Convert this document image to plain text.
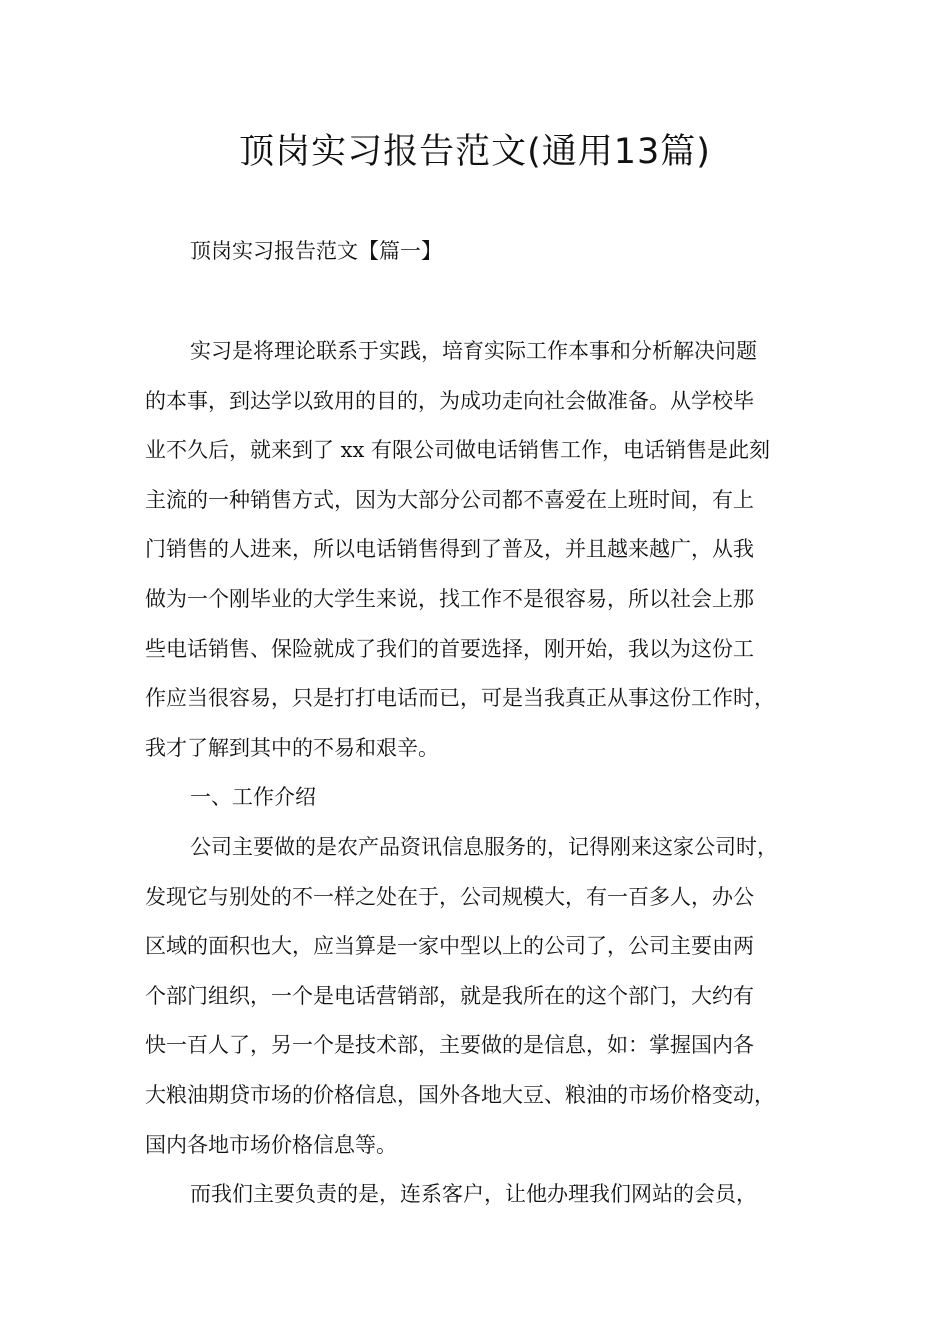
顶岗实习报告范文(通用13篇)
顶岗实习报告范文【篇一】
实习是将理论联系于实践，培育实际工作本事和分析解决问题
的本事，到达学以致用的目的，为成功走向社会做准备。从学校毕
业不久后，就来到了 xx 有限公司做电话销售工作，电话销售是此刻
主流的一种销售方式，因为大部分公司都不喜爱在上班时间，有上
门销售的人进来，所以电话销售得到了普及，并且越来越广，从我
做为一个刚毕业的大学生来说，找工作不是很容易，所以社会上那
些电话销售、保险就成了我们的首要选择，刚开始，我以为这份工
作应当很容易，只是打打电话而已，可是当我真正从事这份工作时，
我才了解到其中的不易和艰辛。
一、工作介绍
公司主要做的是农产品资讯信息服务的，记得刚来这家公司时，
发现它与别处的不一样之处在于，公司规模大，有一百多人，办公
区域的面积也大，应当算是一家中型以上的公司了，公司主要由两
个部门组织，一个是电话营销部，就是我所在的这个部门，大约有
快一百人了，另一个是技术部，主要做的是信息，如：掌握国内各
大粮油期贷市场的价格信息，国外各地大豆、粮油的市场价格变动，
国内各地市场价格信息等。
而我们主要负责的是，连系客户，让他办理我们网站的会员，
